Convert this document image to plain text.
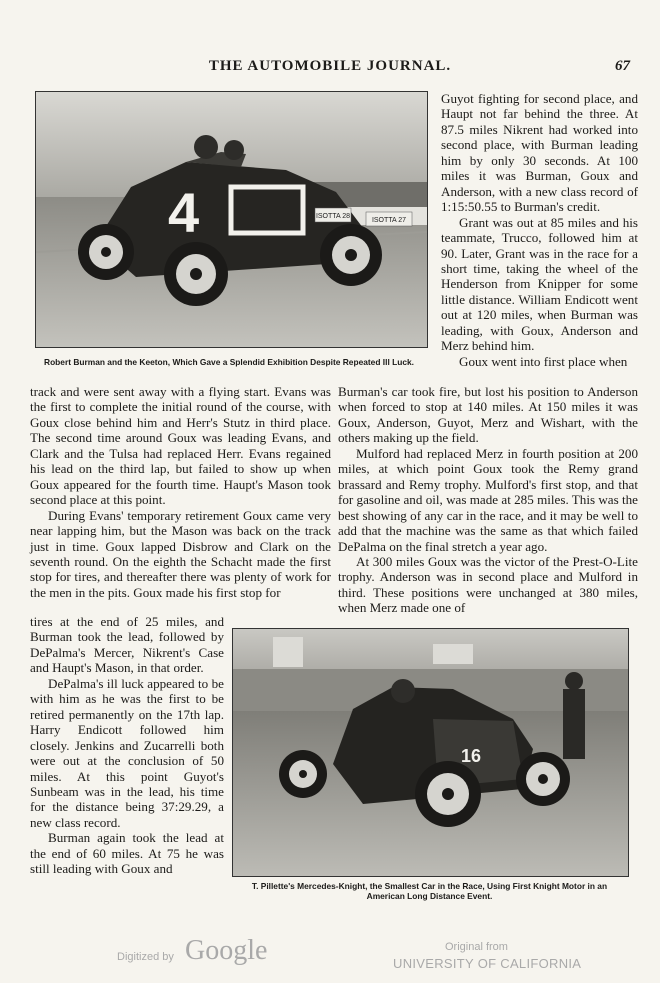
THE AUTOMOBILE JOURNAL.	67
ISOTTA 28
ISOTTA 27
4
Robert Burman and the Keeton, Which Gave a Splendid Exhibition Despite Repeated Ill Luck.

Guyot fighting for second place, and Haupt not far behind the three. At 87.5 miles Nikrent had worked into second place, with Burman leading him by only 30 seconds. At 100 miles it was Burman, Goux and Anderson, with a new class record of 1:15:50.55 to Burman's credit.

Grant was out at 85 miles and his teammate, Trucco, followed him at 90. Later, Grant was in the race for a short time, taking the wheel of the Henderson from Knipper for some little distance. William Endicott went out at 120 miles, when Burman was leading, with Goux, Anderson and Merz behind him.

Goux went into first place when

track and were sent away with a flying start. Evans was the first to complete the initial round of the course, with Goux close behind him and Herr's Stutz in third place. The second time around Goux was leading Evans, and Clark and the Tulsa had replaced Herr. Evans regained his lead on the third lap, but failed to show up when Goux appeared for the fourth time. Haupt's Mason took second place at this point.

During Evans' temporary retirement Goux came very near lapping him, but the Mason was back on the track just in time. Goux lapped Disbrow and Clark on the seventh round. On the eighth the Schacht made the first stop for tires, and thereafter there was plenty of work for the men in the pits. Goux made his first stop for

Burman's car took fire, but lost his position to Anderson when forced to stop at 140 miles. At 150 miles it was Goux, Anderson, Guyot, Merz and Wishart, with the others making up the field.

Mulford had replaced Merz in fourth position at 200 miles, at which point Goux took the Remy grand brassard and Remy trophy. Mulford's first stop, and that for gasoline and oil, was made at 285 miles. This was the best showing of any car in the race, and it may be well to add that the machine was the same as that which failed DePalma on the final stretch a year ago.

At 300 miles Goux was the victor of the Prest-O-Lite trophy. Anderson was in second place and Mulford in third. These positions were unchanged at 380 miles, when Merz made one of

tires at the end of 25 miles, and Burman took the lead, followed by DePalma's Mercer, Nikrent's Case and Haupt's Mason, in that order.

DePalma's ill luck appeared to be with him as he was the first to be retired permanently on the 17th lap. Harry Endicott followed him closely. Jenkins and Zucarrelli both were out at the conclusion of 50 miles. At this point Guyot's Sunbeam was in the lead, his time for the distance being 37:29.29, a new class record.

Burman again took the lead at the end of 60 miles. At 75 he was still leading with Goux and

16
T. Pillette's Mercedes-Knight, the Smallest Car in the Race, Using First Knight Motor in an American Long Distance Event.
Digitized by Google	Original from
UNIVERSITY OF CALIFORNIA
